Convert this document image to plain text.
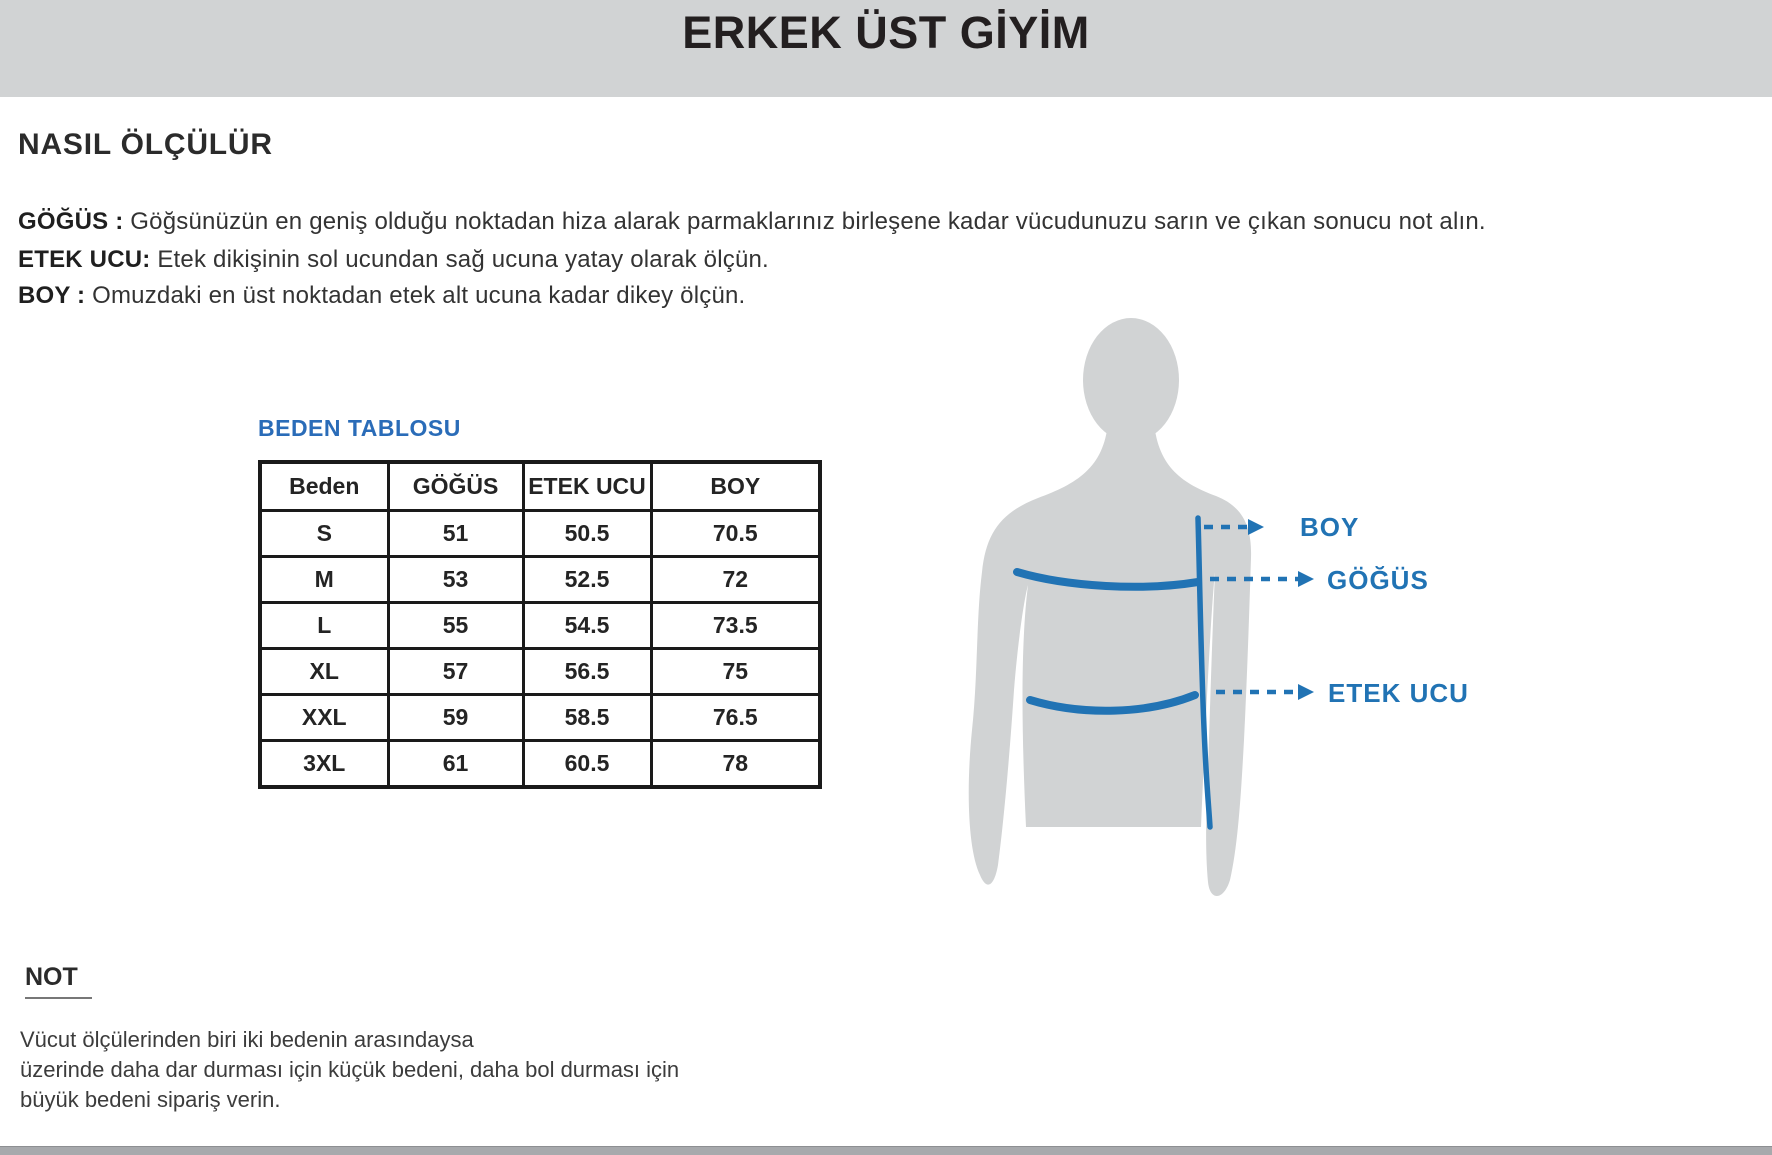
ERKEK ÜST GİYİM
NASIL ÖLÇÜLÜR

GÖĞÜS : Göğsünüzün en geniş olduğu noktadan hiza alarak parmaklarınız birleşene kadar vücudunuzu sarın ve çıkan sonucu not alın.

ETEK UCU: Etek dikişinin sol ucundan sağ ucuna yatay olarak ölçün.

BOY : Omuzdaki en üst noktadan etek alt ucuna kadar dikey ölçün.

BEDEN TABLOSU
Beden	GÖĞÜS	ETEK UCU	BOY
S	51	50.5	70.5
M	53	52.5	72
L	55	54.5	73.5
XL	57	56.5	75
XXL	59	58.5	76.5
3XL	61	60.5	78
BOY
GÖĞÜS
ETEK UCU
NOT

Vücut ölçülerinden biri iki bedenin arasındaysa

üzerinde daha dar durması için küçük bedeni, daha bol durması için

büyük bedeni sipariş verin.
